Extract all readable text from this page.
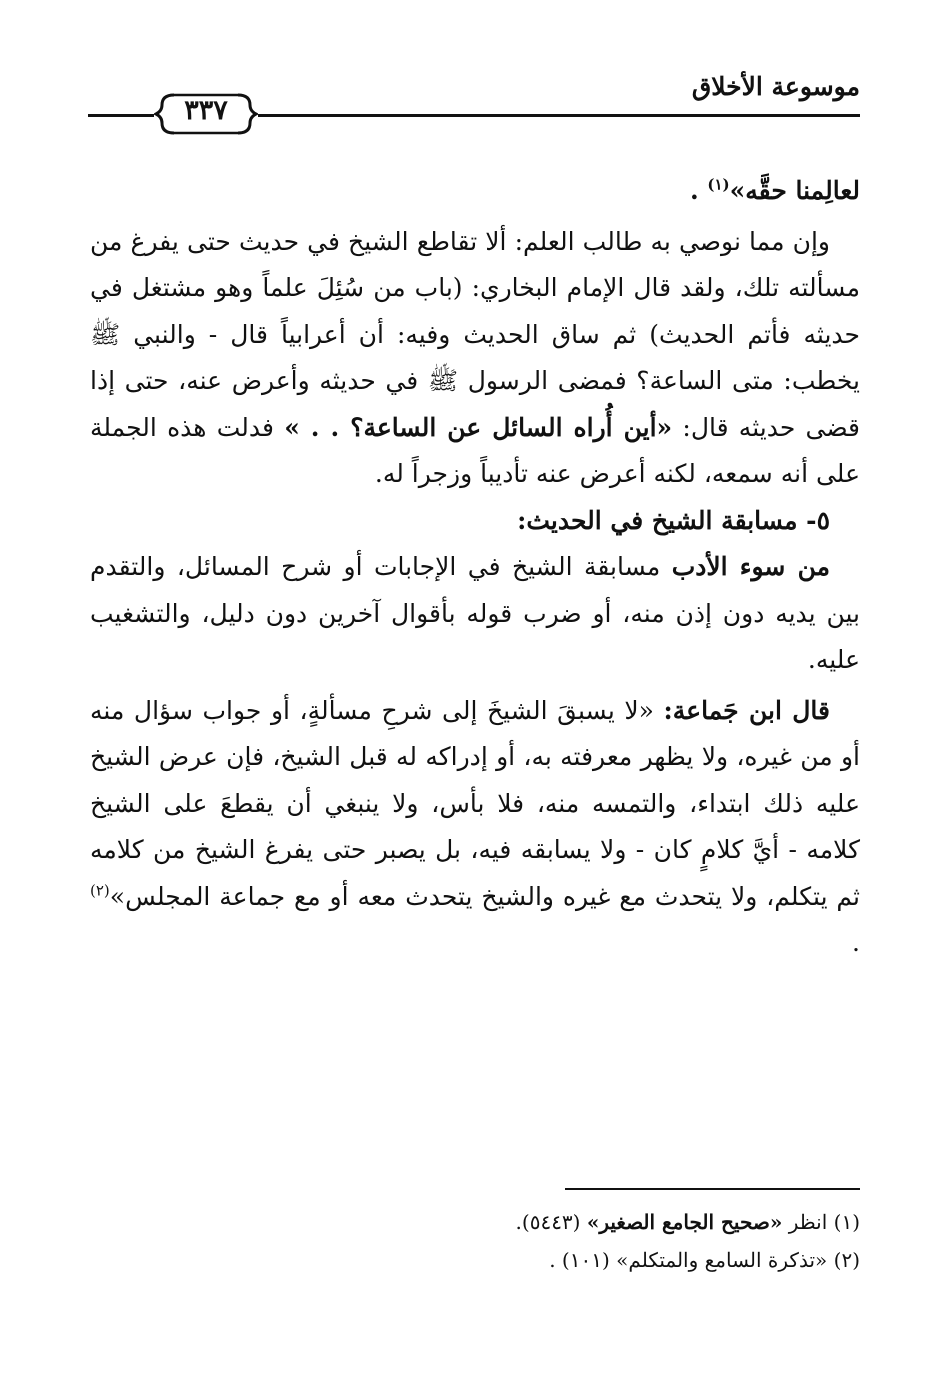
موسوعة الأخلاق
٣٣٧

لعالِمنا حقَّه»$^{(١)}$ .

وإن مما نوصي به طالب العلم: ألا تقاطع الشيخ في حديث حتى يفرغ من مسألته تلك، ولقد قال الإمام البخاري: (باب من سُئِلَ علماً وهو مشتغل في حديثه فأتم الحديث) ثم ساق الحديث وفيه: أن أعرابياً قال - والنبي ﷺ يخطب: متى الساعة؟ فمضى الرسول ﷺ في حديثه وأعرض عنه، حتى إذا قضى حديثه قال: «أين أُراه السائل عن الساعة؟ . . » فدلت هذه الجملة على أنه سمعه، لكنه أعرض عنه تأديباً وزجراً له.

٥- مسابقة الشيخ في الحديث:

من سوء الأدب مسابقة الشيخ في الإجابات أو شرح المسائل، والتقدم بين يديه دون إذن منه، أو ضرب قوله بأقوال آخرين دون دليل، والتشغيب عليه.

قال ابن جَماعة: «لا يسبقَ الشيخَ إلى شرحِ مسألةٍ، أو جواب سؤال منه أو من غيره، ولا يظهر معرفته به، أو إدراكه له قبل الشيخ، فإن عرض الشيخ عليه ذلك ابتداء، والتمسه منه، فلا بأس، ولا ينبغي أن يقطعَ على الشيخ كلامه - أيَّ كلامٍ كان - ولا يسابقه فيه، بل يصبر حتى يفرغ الشيخ من كلامه ثم يتكلم، ولا يتحدث مع غيره والشيخ يتحدث معه أو مع جماعة المجلس»$^{(٢)}$ .

(١) انظر «صحيح الجامع الصغير» (٥٤٤٣).

(٢) «تذكرة السامع والمتكلم» (١٠١) .
